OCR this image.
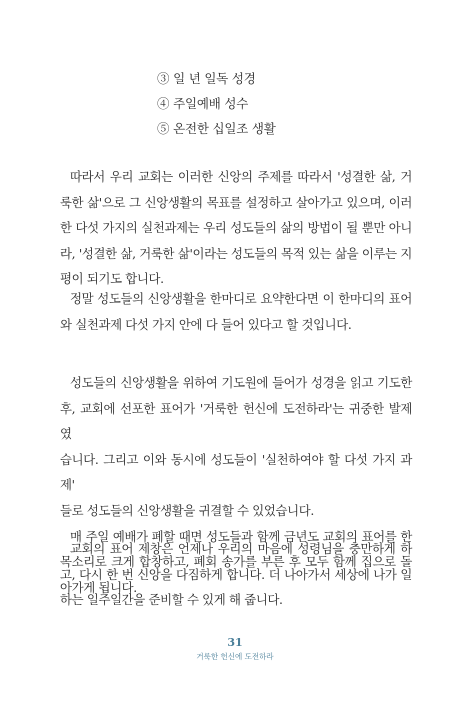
③ 일 년 일독 성경
④ 주일예배 성수
⑤ 온전한 십일조 생활
따라서 우리 교회는 이러한 신앙의 주제를 따라서 '성결한 삶, 거
룩한 삶'으로 그 신앙생활의 목표를 설정하고 살아가고 있으며, 이러
한 다섯 가지의 실천과제는 우리 성도들의 삶의 방법이 될 뿐만 아니
라, '성결한 삶, 거룩한 삶'이라는 성도들의 목적 있는 삶을 이루는 지
평이 되기도 합니다.
정말 성도들의 신앙생활을 한마디로 요약한다면 이 한마디의 표어
와 실천과제 다섯 가지 안에 다 들어 있다고 할 것입니다.
성도들의 신앙생활을 위하여 기도원에 들어가 성경을 읽고 기도한
후, 교회에 선포한 표어가 '거룩한 헌신에 도전하라'는 귀중한 발제였
습니다. 그리고 이와 동시에 성도들이 '실천하여야 할 다섯 가지 과제'
들로 성도들의 신앙생활을 귀결할 수 있었습니다.
매 주일 예배가 폐할 때면 성도들과 함께 금년도 교회의 표어를 한
목소리로 크게 합창하고, 폐회 송가를 부른 후 모두 함께 집으로 돌
아가게 됩니다.
교회의 표어 제창은 언제나 우리의 마음에 성령님을 충만하게 하
고, 다시 한 번 신앙을 다짐하게 합니다. 더 나아가서 세상에 나가 일
하는 일주일간을 준비할 수 있게 해 줍니다.
31
거룩한 헌신에 도전하라
